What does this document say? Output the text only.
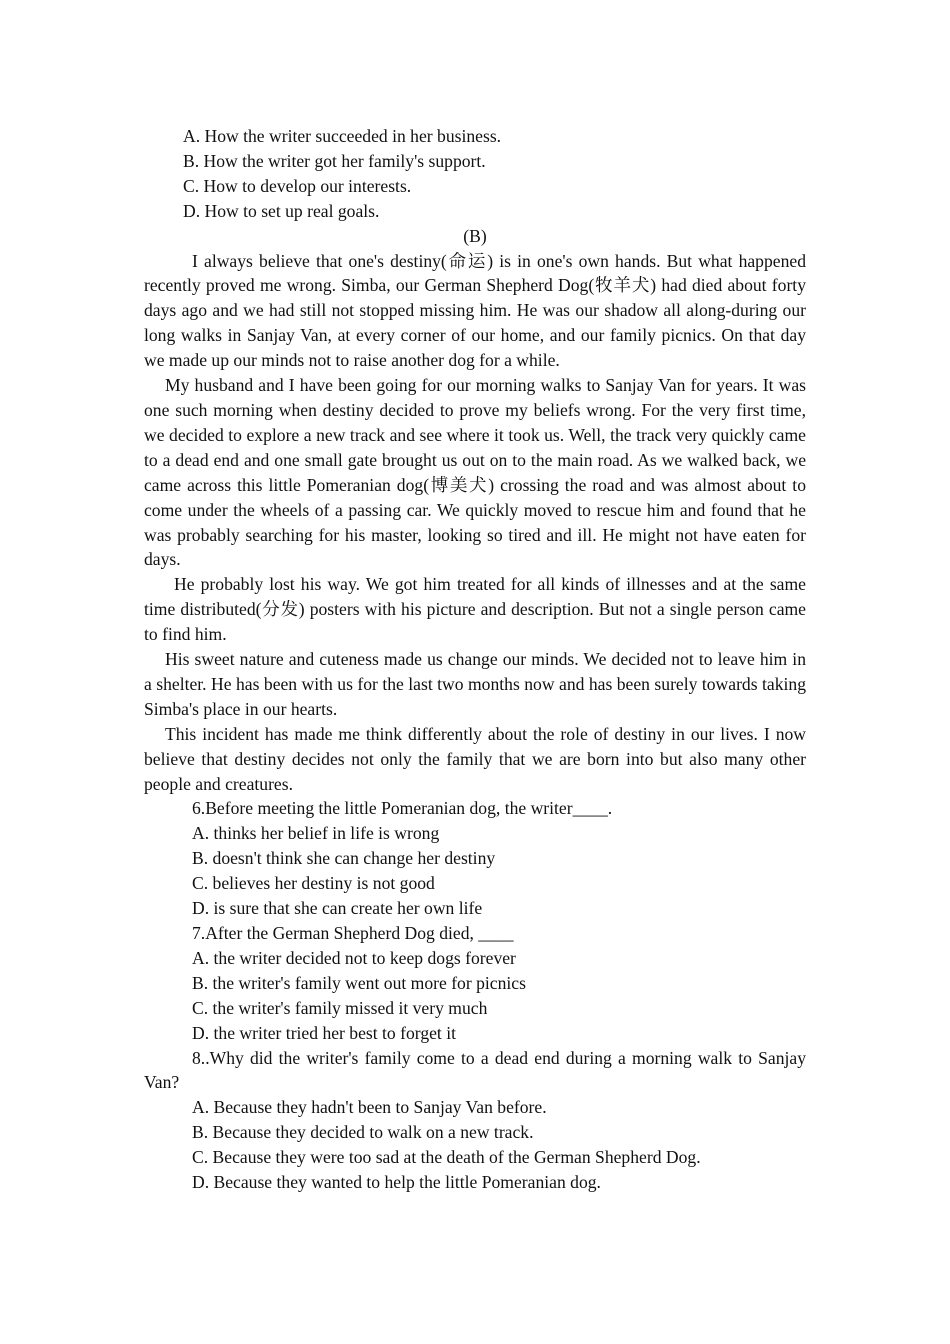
A. How the writer succeeded in her business.
B. How the writer got her family's support.
C. How to develop our interests.
D. How to set up real goals.
(B)
I always believe that one's destiny(命运) is in one's own hands. But what happened recently proved me wrong. Simba, our German Shepherd Dog(牧羊犬) had died about forty days ago and we had still not stopped missing him. He was our shadow all along-during our long walks in Sanjay Van, at every corner of our home, and our family picnics. On that day we made up our minds not to raise another dog for a while.
My husband and I have been going for our morning walks to Sanjay Van for years. It was one such morning when destiny decided to prove my beliefs wrong. For the very first time, we decided to explore a new track and see where it took us. Well, the track very quickly came to a dead end and one small gate brought us out on to the main road. As we walked back, we came across this little Pomeranian dog(博美犬) crossing the road and was almost about to come under the wheels of a passing car. We quickly moved to rescue him and found that he was probably searching for his master, looking so tired and ill. He might not have eaten for days.
He probably lost his way. We got him treated for all kinds of illnesses and at the same time distributed(分发) posters with his picture and description. But not a single person came to find him.
His sweet nature and cuteness made us change our minds. We decided not to leave him in a shelter. He has been with us for the last two months now and has been surely towards taking Simba's place in our hearts.
This incident has made me think differently about the role of destiny in our lives. I now believe that destiny decides not only the family that we are born into but also many other people and creatures.
6.Before meeting the little Pomeranian dog, the writer____.
A. thinks her belief in life is wrong
B. doesn't think she can change her destiny
C. believes her destiny is not good
D. is sure that she can create her own life
7.After the German Shepherd Dog died, ____
A. the writer decided not to keep dogs forever
B. the writer's family went out more for picnics
C. the writer's family missed it very much
D. the writer tried her best to forget it
8..Why did the writer's family come to a dead end during a morning walk to Sanjay Van?
A. Because they hadn't been to Sanjay Van before.
B. Because they decided to walk on a new track.
C. Because they were too sad at the death of the German Shepherd Dog.
D. Because they wanted to help the little Pomeranian dog.
